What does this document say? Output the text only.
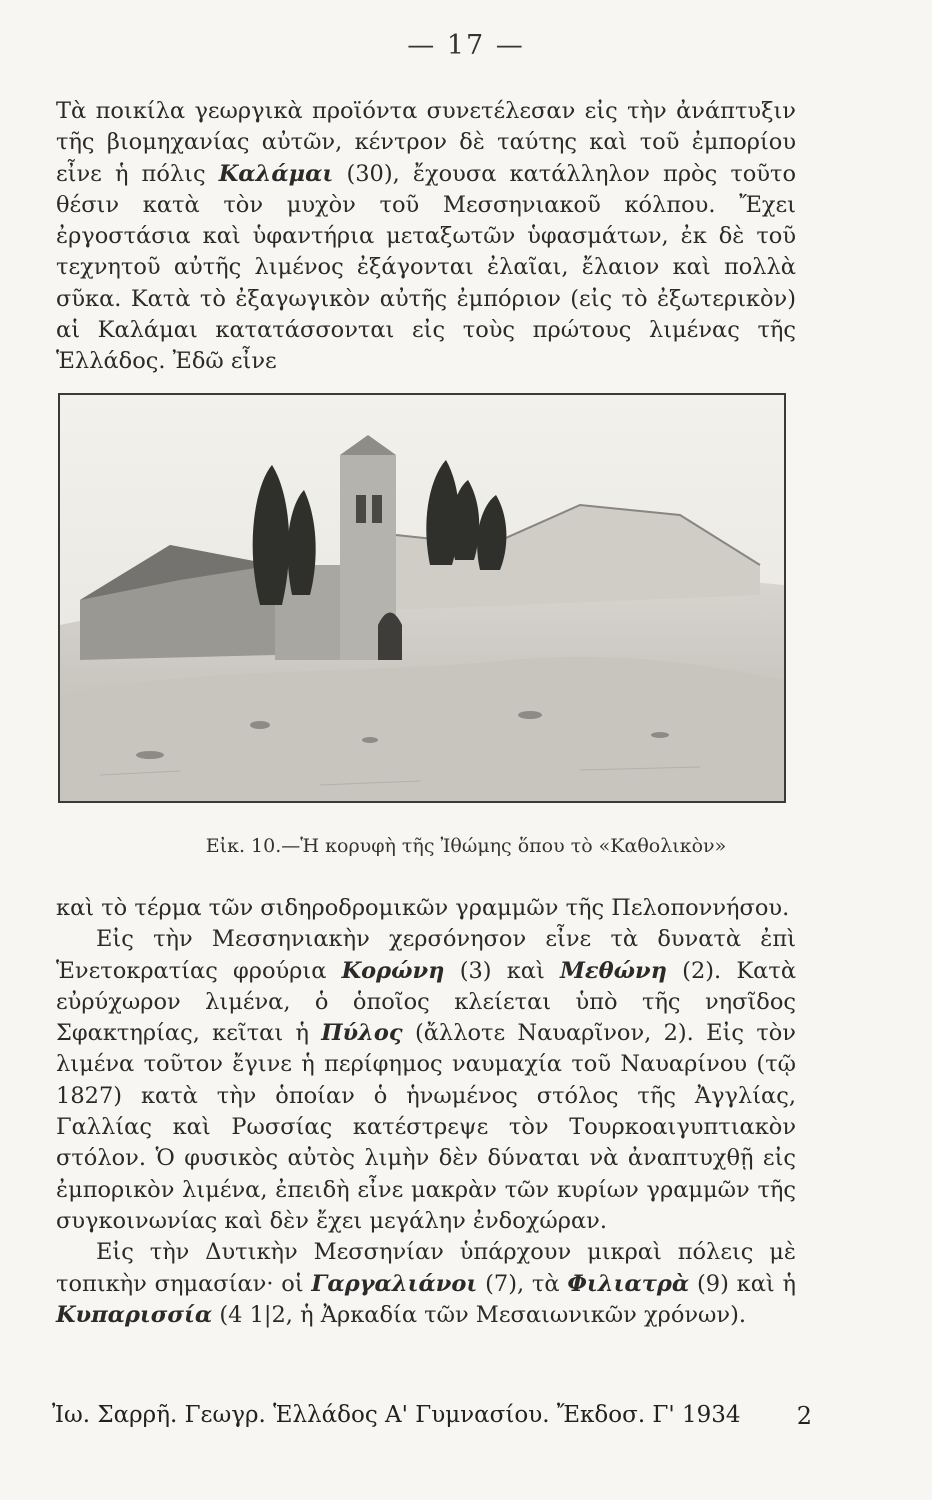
— 17 —

Τὰ ποικίλα γεωργικὰ προϊόντα συνετέλεσαν εἰς τὴν ἀνάπτυξιν τῆς βιομηχανίας αὐτῶν, κέντρον δὲ ταύτης καὶ τοῦ ἐμπορίου εἶνε ἡ πόλις Καλάμαι (30), ἔχουσα κατάλληλον πρὸς τοῦτο θέσιν κατὰ τὸν μυχὸν τοῦ Μεσσηνιακοῦ κόλπου. Ἔχει ἐργοστάσια καὶ ὑφαντήρια μεταξωτῶν ὑφασμάτων, ἐκ δὲ τοῦ τεχνητοῦ αὐτῆς λιμένος ἐξάγονται ἐλαῖαι, ἔλαιον καὶ πολλὰ σῦκα. Κατὰ τὸ ἐξαγωγικὸν αὐτῆς ἐμπόριον (εἰς τὸ ἐξωτερικὸν) αἱ Καλάμαι κατατάσσονται εἰς τοὺς πρώτους λιμένας τῆς Ἑλλάδος. Ἐδῶ εἶνε

Εἰκ. 10.—Ἡ κορυφὴ τῆς Ἰθώμης ὅπου τὸ «Καθολικὸν»

καὶ τὸ τέρμα τῶν σιδηροδρομικῶν γραμμῶν τῆς Πελοποννήσου.

Εἰς τὴν Μεσσηνιακὴν χερσόνησον εἶνε τὰ δυνατὰ ἐπὶ Ἑνετοκρατίας φρούρια Κορώνη (3) καὶ Μεθώνη (2). Κατὰ εὐρύχωρον λιμένα, ὁ ὁποῖος κλείεται ὑπὸ τῆς νησῖδος Σφακτηρίας, κεῖται ἡ Πύλος (ἄλλοτε Ναυαρῖνον, 2). Εἰς τὸν λιμένα τοῦτον ἔγινε ἡ περίφημος ναυμαχία τοῦ Ναυαρίνου (τῷ 1827) κατὰ τὴν ὁποίαν ὁ ἡνωμένος στόλος τῆς Ἀγγλίας, Γαλλίας καὶ Ρωσσίας κατέστρεψε τὸν Τουρκοαιγυπτιακὸν στόλον. Ὁ φυσικὸς αὐτὸς λιμὴν δὲν δύναται νὰ ἀναπτυχθῇ εἰς ἐμπορικὸν λιμένα, ἐπειδὴ εἶνε μακρὰν τῶν κυρίων γραμμῶν τῆς συγκοινωνίας καὶ δὲν ἔχει μεγάλην ἐνδοχώραν.

Εἰς τὴν Δυτικὴν Μεσσηνίαν ὑπάρχουν μικραὶ πόλεις μὲ τοπικὴν σημασίαν· οἱ Γαργαλιάνοι (7), τὰ Φιλιατρὰ (9) καὶ ἡ Κυπαρισσία (4 1|2, ἡ Ἀρκαδία τῶν Μεσαιωνικῶν χρόνων).

Ἰω. Σαρρῆ. Γεωγρ. Ἑλλάδος Α' Γυμνασίου. Ἔκδοσ. Γ' 1934 2
